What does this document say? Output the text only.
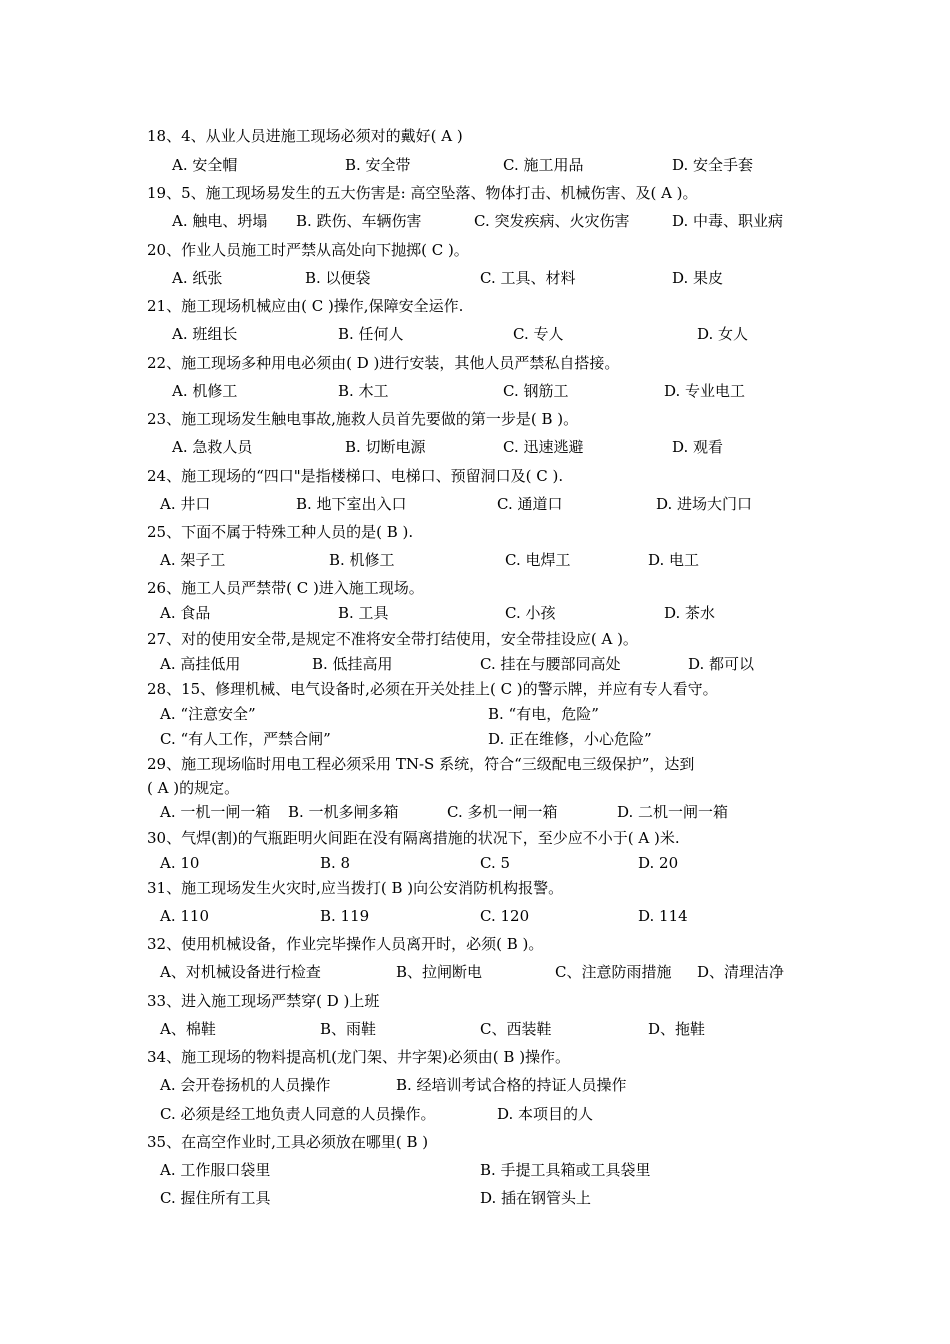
18、4、从业人员进施工现场必须对的戴好( A )
A. 安全帽	B. 安全带	C. 施工用品	D. 安全手套
19、5、施工现场易发生的五大伤害是: 高空坠落、物体打击、机械伤害、及( A )。
A. 触电、坍塌 B. 跌伤、车辆伤害	C. 突发疾病、火灾伤害	D. 中毒、职业病
20、作业人员施工时严禁从高处向下抛掷( C )。
A. 纸张	B. 以便袋	C. 工具、材料	D. 果皮
21、施工现场机械应由( C )操作,保障安全运作.
A. 班组长	B. 任何人	C. 专人	D. 女人
22、施工现场多种用电必须由( D )进行安装，其他人员严禁私自搭接。
A. 机修工	B. 木工	C. 钢筋工	D. 专业电工
23、施工现场发生触电事故,施救人员首先要做的第一步是( B )。
A. 急救人员	B. 切断电源	C. 迅速逃避	D. 观看
24、施工现场的“四口"是指楼梯口、电梯口、预留洞口及( C ).
A. 井口	B. 地下室出入口	C. 通道口	D. 进场大门口
25、下面不属于特殊工种人员的是( B ).
A. 架子工	B. 机修工	C. 电焊工	D. 电工
26、施工人员严禁带( C )进入施工现场。
A. 食品	B. 工具	C. 小孩	D. 茶水
27、对的使用安全带,是规定不准将安全带打结使用，安全带挂设应( A )。
A. 高挂低用	B. 低挂高用	C. 挂在与腰部同高处	D. 都可以
28、15、修理机械、电气设备时,必须在开关处挂上( C )的警示牌，并应有专人看守。
A. “注意安全”	B. “有电，危险”
C. “有人工作，严禁合闸”	D. 正在维修，小心危险”
29、施工现场临时用电工程必须采用 TN-S 系统，符合“三级配电三级保护”，达到
( A )的规定。
A. 一机一闸一箱 B. 一机多闸多箱	C. 多机一闸一箱	D. 二机一闸一箱
30、气焊(割)的气瓶距明火间距在没有隔离措施的状况下，至少应不小于( A )米.
A. 10	B. 8	C. 5	D. 20
31、施工现场发生火灾时,应当拨打( B )向公安消防机构报警。
A. 110	B. 119	C. 120	D. 114
32、使用机械设备，作业完毕操作人员离开时，必须( B )。
A、对机械设备进行检查	B、拉闸断电	C、注意防雨措施 D、清理洁净
33、进入施工现场严禁穿( D )上班
A、棉鞋	B、雨鞋	C、西装鞋	D、拖鞋
34、施工现场的物料提高机(龙门架、井字架)必须由( B )操作。
A. 会开卷扬机的人员操作	B. 经培训考试合格的持证人员操作
C. 必须是经工地负责人同意的人员操作。	D. 本项目的人
35、在高空作业时,工具必须放在哪里( B )
A. 工作服口袋里	B. 手提工具箱或工具袋里
C. 握住所有工具	D. 插在钢管头上
